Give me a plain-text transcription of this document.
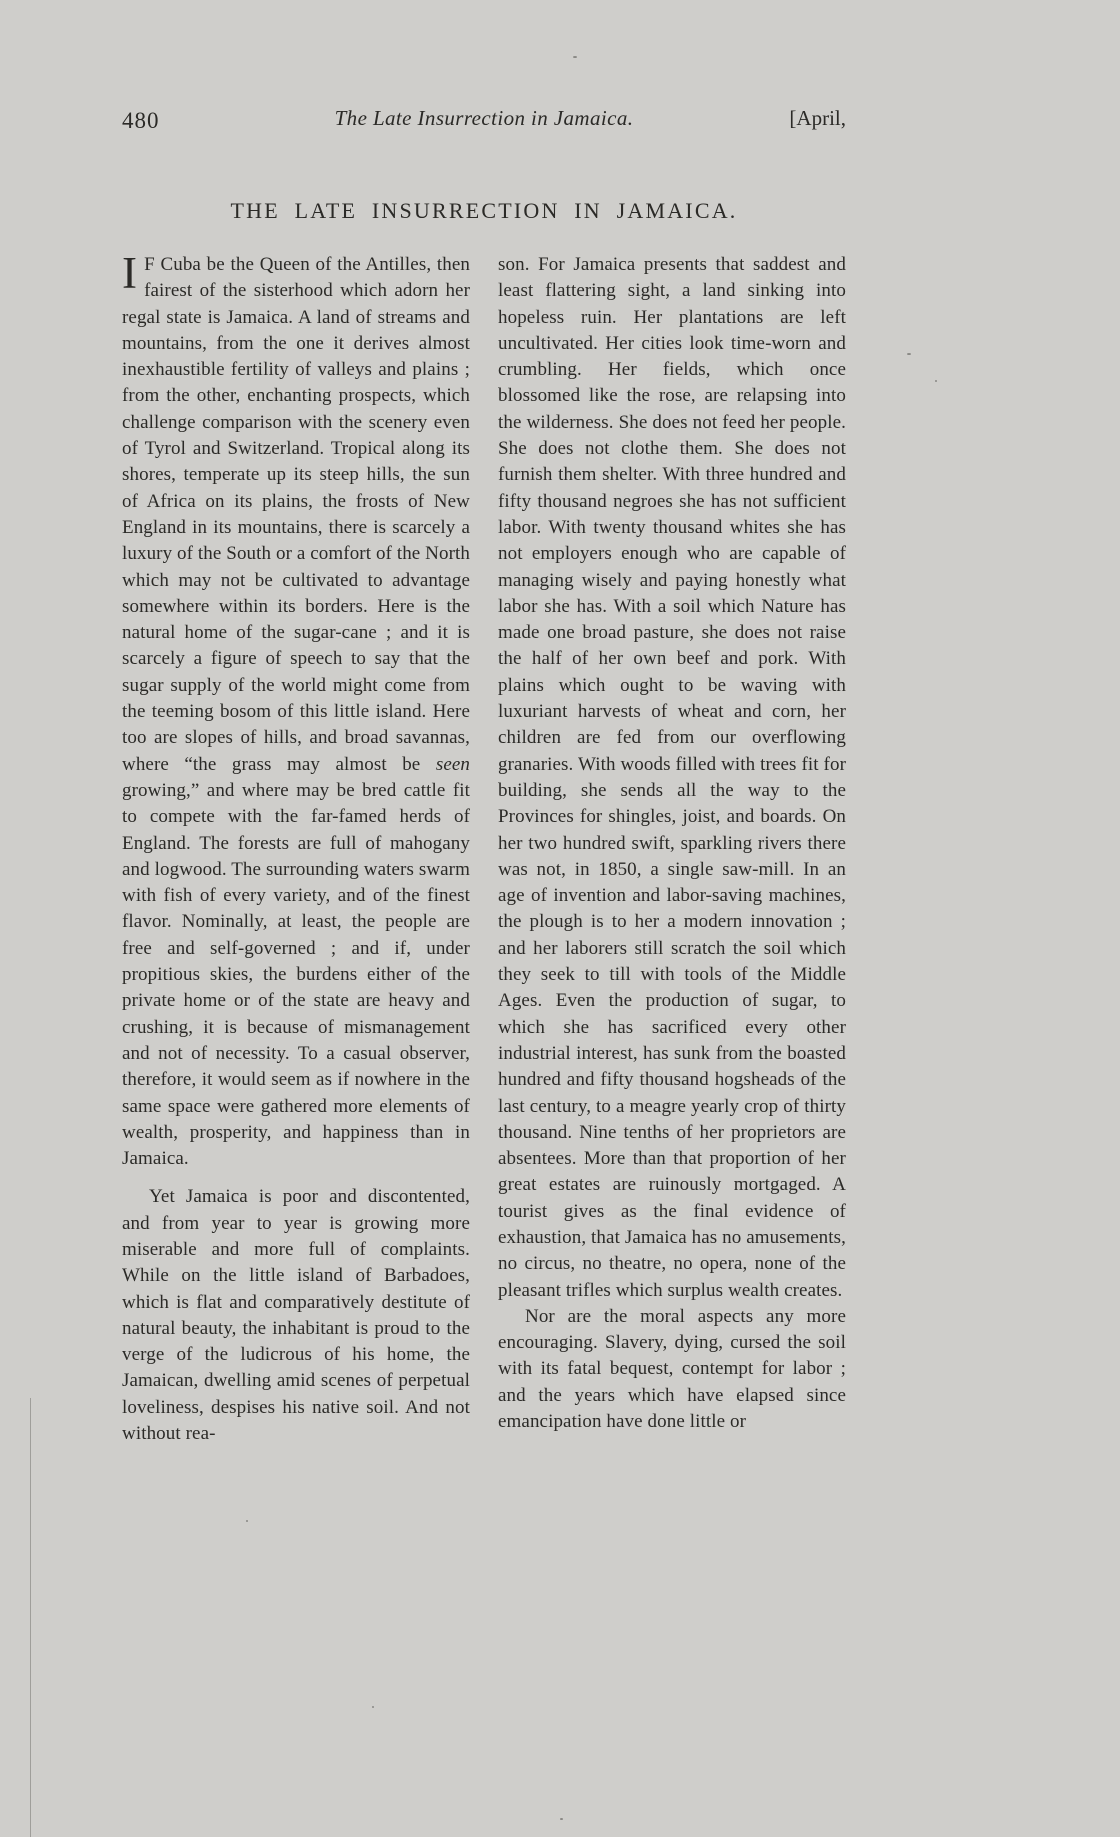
480	The Late Insurrection in Jamaica.	[April,
THE LATE INSURRECTION IN JAMAICA.

I F Cuba be the Queen of the Antilles, then fairest of the sisterhood which adorn her regal state is Jamaica. A land of streams and mountains, from the one it derives almost inexhaustible fertility of valleys and plains ; from the other, enchanting prospects, which challenge comparison with the scenery even of Tyrol and Switzerland. Tropical along its shores, temperate up its steep hills, the sun of Africa on its plains, the frosts of New England in its mountains, there is scarcely a luxury of the South or a comfort of the North which may not be cultivated to advantage somewhere within its borders. Here is the natural home of the sugar-cane ; and it is scarcely a figure of speech to say that the sugar supply of the world might come from the teeming bosom of this little island. Here too are slopes of hills, and broad savannas, where “the grass may almost be seen growing,” and where may be bred cattle fit to compete with the far-famed herds of England. The forests are full of mahogany and logwood. The surrounding waters swarm with fish of every variety, and of the finest flavor. Nominally, at least, the people are free and self-governed ; and if, under propitious skies, the burdens either of the private home or of the state are heavy and crushing, it is because of mismanagement and not of necessity. To a casual observer, therefore, it would seem as if nowhere in the same space were gathered more elements of wealth, prosperity, and happiness than in Jamaica.

Yet Jamaica is poor and discontented, and from year to year is growing more miserable and more full of complaints. While on the little island of Barbadoes, which is flat and comparatively destitute of natural beauty, the inhabitant is proud to the verge of the ludicrous of his home, the Jamaican, dwelling amid scenes of perpetual loveliness, despises his native soil. And not without rea-

son. For Jamaica presents that saddest and least flattering sight, a land sinking into hopeless ruin. Her plantations are left uncultivated. Her cities look time-worn and crumbling. Her fields, which once blossomed like the rose, are relapsing into the wilderness. She does not feed her people. She does not clothe them. She does not furnish them shelter. With three hundred and fifty thousand negroes she has not sufficient labor. With twenty thousand whites she has not employers enough who are capable of managing wisely and paying honestly what labor she has. With a soil which Nature has made one broad pasture, she does not raise the half of her own beef and pork. With plains which ought to be waving with luxuriant harvests of wheat and corn, her children are fed from our overflowing granaries. With woods filled with trees fit for building, she sends all the way to the Provinces for shingles, joist, and boards. On her two hundred swift, sparkling rivers there was not, in 1850, a single saw-mill. In an age of invention and labor-saving machines, the plough is to her a modern innovation ; and her laborers still scratch the soil which they seek to till with tools of the Middle Ages. Even the production of sugar, to which she has sacrificed every other industrial interest, has sunk from the boasted hundred and fifty thousand hogsheads of the last century, to a meagre yearly crop of thirty thousand. Nine tenths of her proprietors are absentees. More than that proportion of her great estates are ruinously mortgaged. A tourist gives as the final evidence of exhaustion, that Jamaica has no amusements, no circus, no theatre, no opera, none of the pleasant trifles which surplus wealth creates.

Nor are the moral aspects any more encouraging. Slavery, dying, cursed the soil with its fatal bequest, contempt for labor ; and the years which have elapsed since emancipation have done little or
